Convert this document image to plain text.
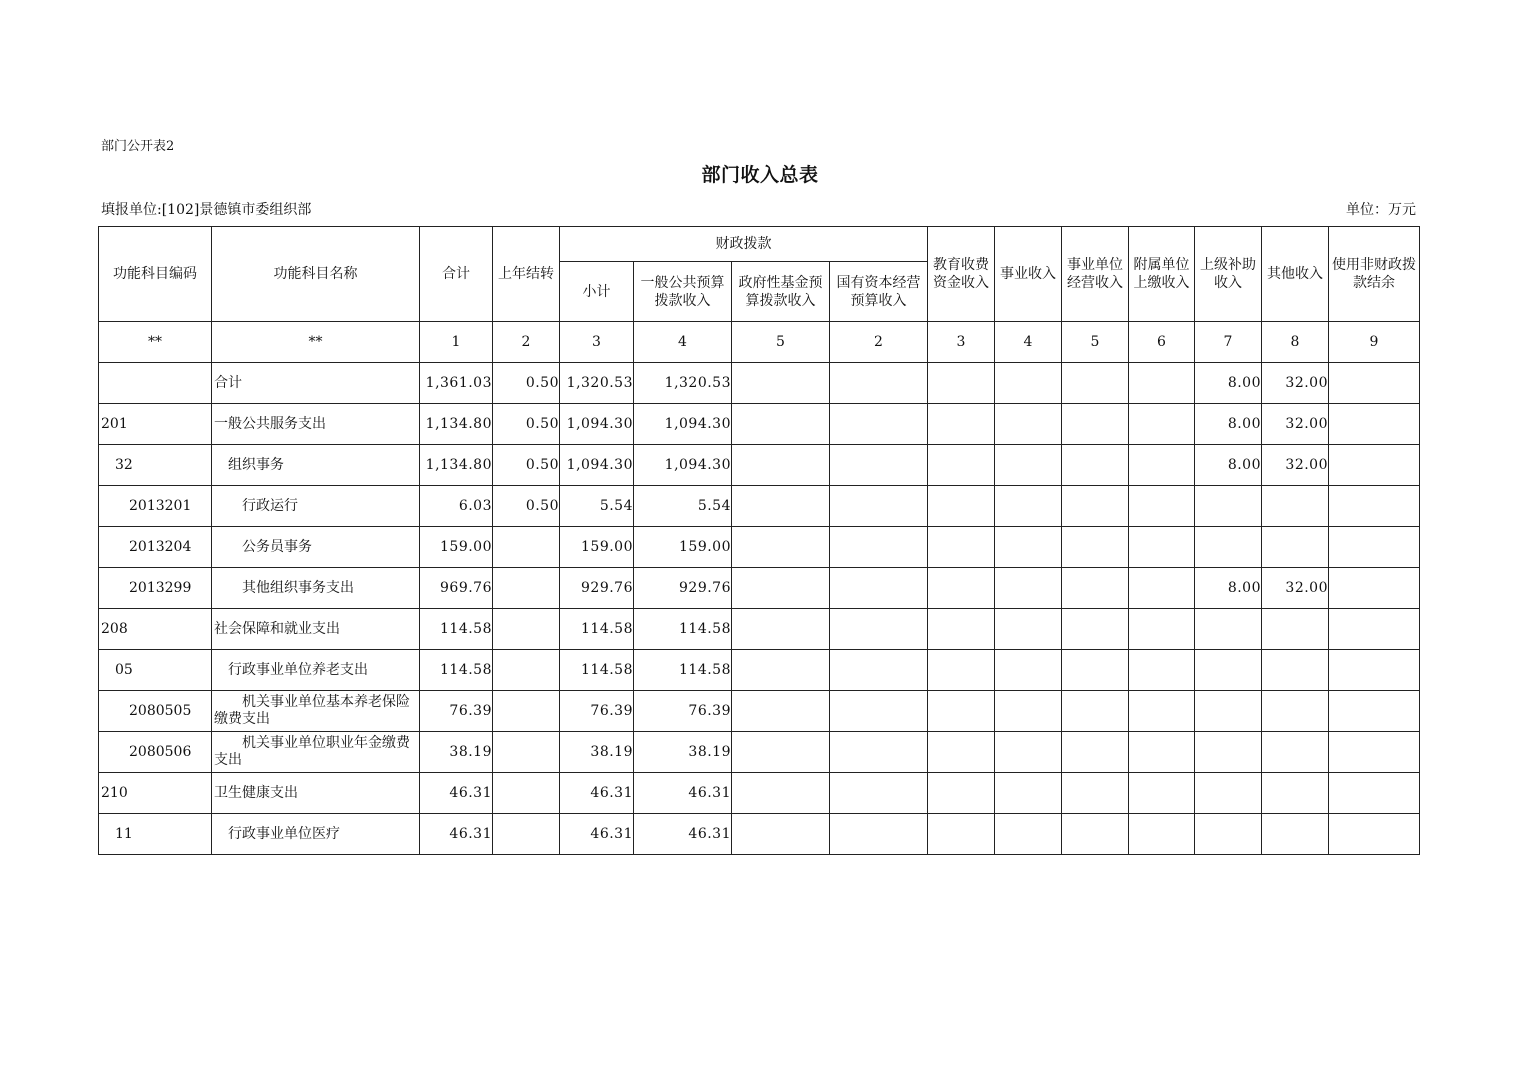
部门公开表2
部门收入总表
填报单位:[102]景德镇市委组织部	单位：万元
功能科目编码	功能科目名称	合计	上年结转	财政拨款				教育收费资金收入	事业收入	事业单位经营收入	附属单位上缴收入	上级补助收入	其他收入	使用非财政拨款结余
				小计	一般公共预算拨款收入	政府性基金预算拨款收入	国有资本经营预算收入							
**	**	1	2	3	4	5	2	3	4	5	6	7	8	9
	合计	1,361.03	0.50	1,320.53	1,320.53							8.00	32.00	
201	一般公共服务支出	1,134.80	0.50	1,094.30	1,094.30							8.00	32.00	
32	组织事务	1,134.80	0.50	1,094.30	1,094.30							8.00	32.00	
2013201	行政运行	6.03	0.50	5.54	5.54									
2013204	公务员事务	159.00		159.00	159.00									
2013299	其他组织事务支出	969.76		929.76	929.76							8.00	32.00	
208	社会保障和就业支出	114.58		114.58	114.58									
05	行政事业单位养老支出	114.58		114.58	114.58									
2080505	机关事业单位基本养老保险缴费支出	76.39		76.39	76.39									
2080506	机关事业单位职业年金缴费支出	38.19		38.19	38.19									
210	卫生健康支出	46.31		46.31	46.31									
11	行政事业单位医疗	46.31		46.31	46.31									
